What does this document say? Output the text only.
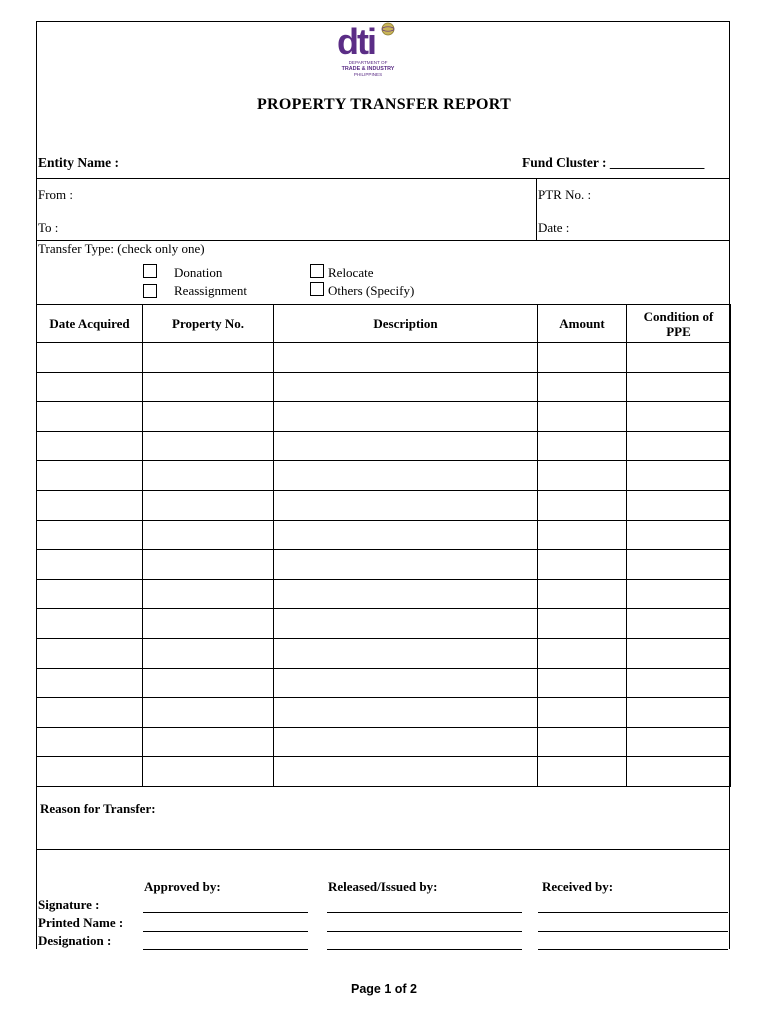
dti
DEPARTMENT OF
TRADE & INDUSTRY
PHILIPPINES
PROPERTY TRANSFER REPORT
Entity Name :	Fund Cluster : ______________
From :
To :
PTR No. :
Date :
Transfer Type: (check only one)
Donation
Reassignment
Relocate
Others (Specify)
Date Acquired	Property No.	Description	Amount	Condition of PPE

Reason for Transfer:
Approved by:	Released/Issued by:	Received by:
Signature :
Printed Name :
Designation :
Page 1 of 2
